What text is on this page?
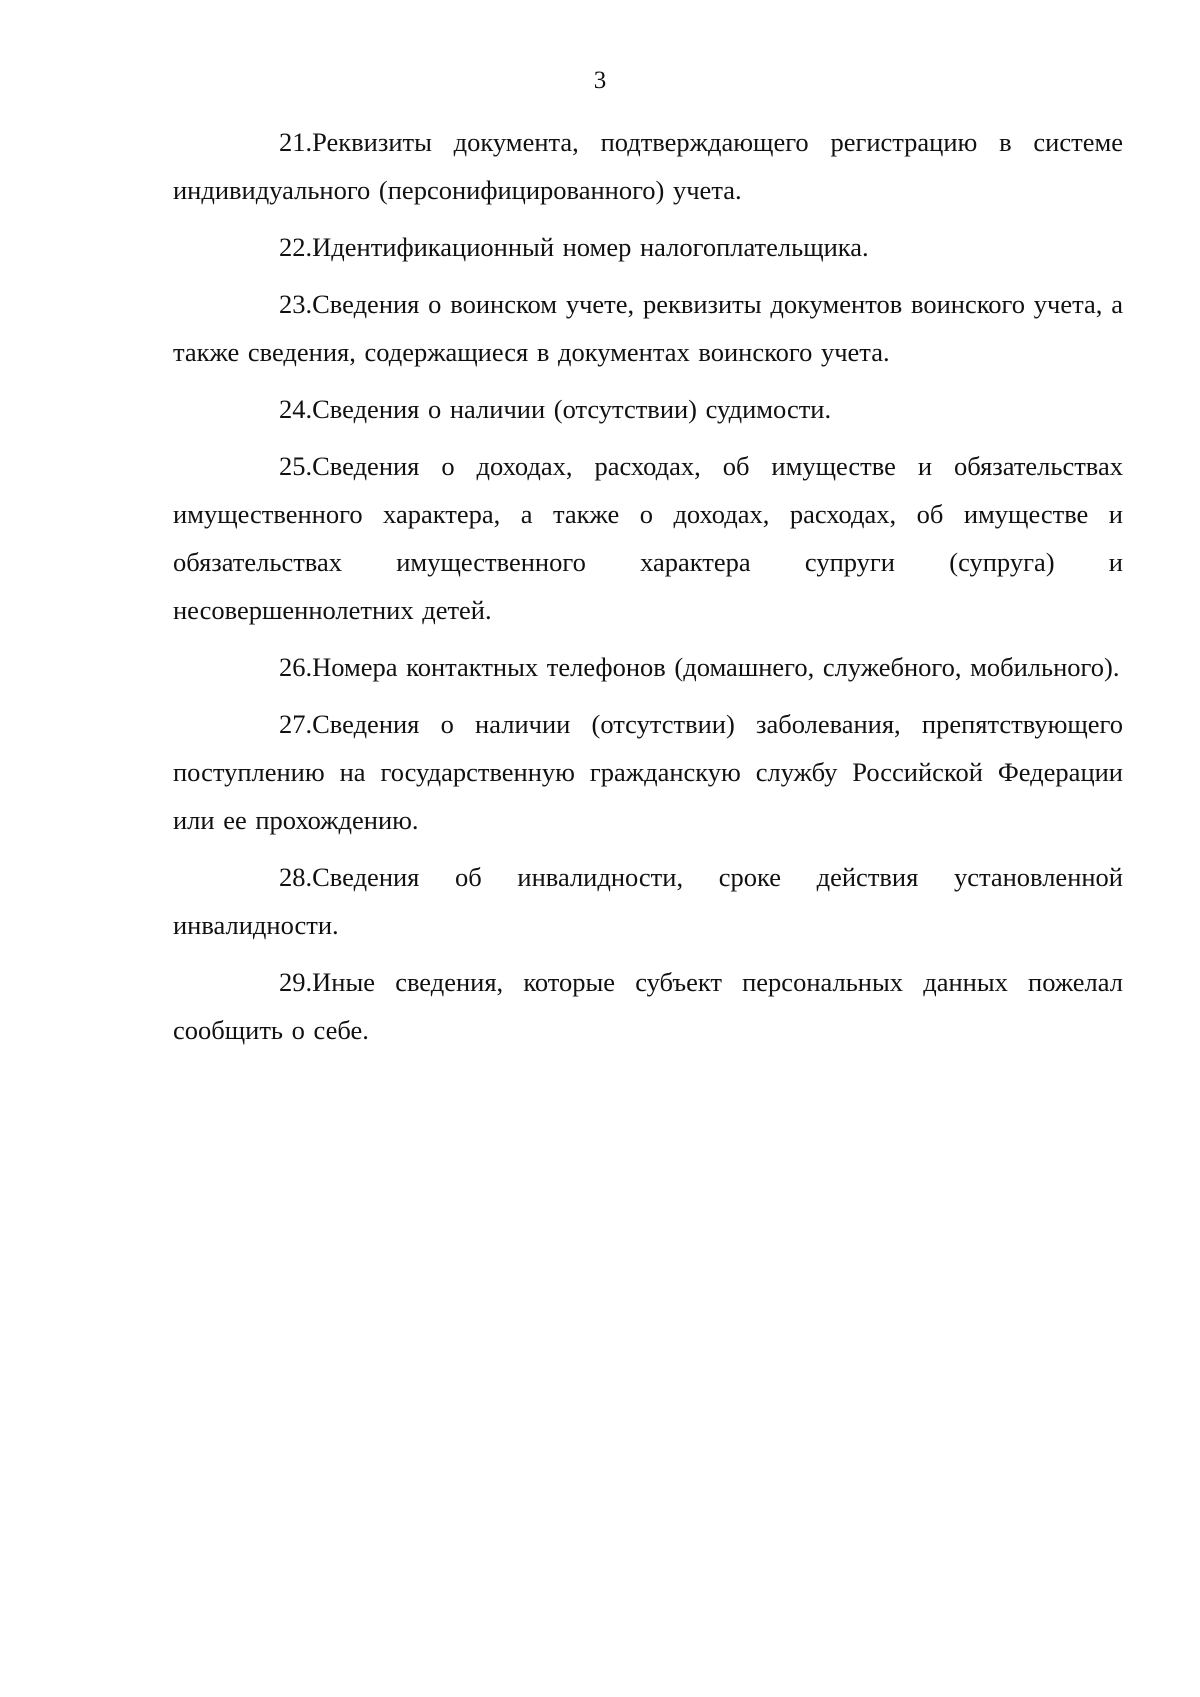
3

21.Реквизиты документа, подтверждающего регистрацию в системе индивидуального (персонифицированного) учета.

22.Идентификационный номер налогоплательщика.

23.Сведения о воинском учете, реквизиты документов воинского учета, а также сведения, содержащиеся в документах воинского учета.

24.Сведения о наличии (отсутствии) судимости.

25.Сведения о доходах, расходах, об имуществе и обязательствах имущественного характера, а также о доходах, расходах, об имуществе и обязательствах имущественного характера супруги (супруга) и несовершеннолетних детей.

26.Номера контактных телефонов (домашнего, служебного, мобильного).

27.Сведения о наличии (отсутствии) заболевания, препятствующего поступлению на государственную гражданскую службу Российской Федерации или ее прохождению.

28.Сведения об инвалидности, сроке действия установленной инвалидности.

29.Иные сведения, которые субъект персональных данных пожелал сообщить о себе.
